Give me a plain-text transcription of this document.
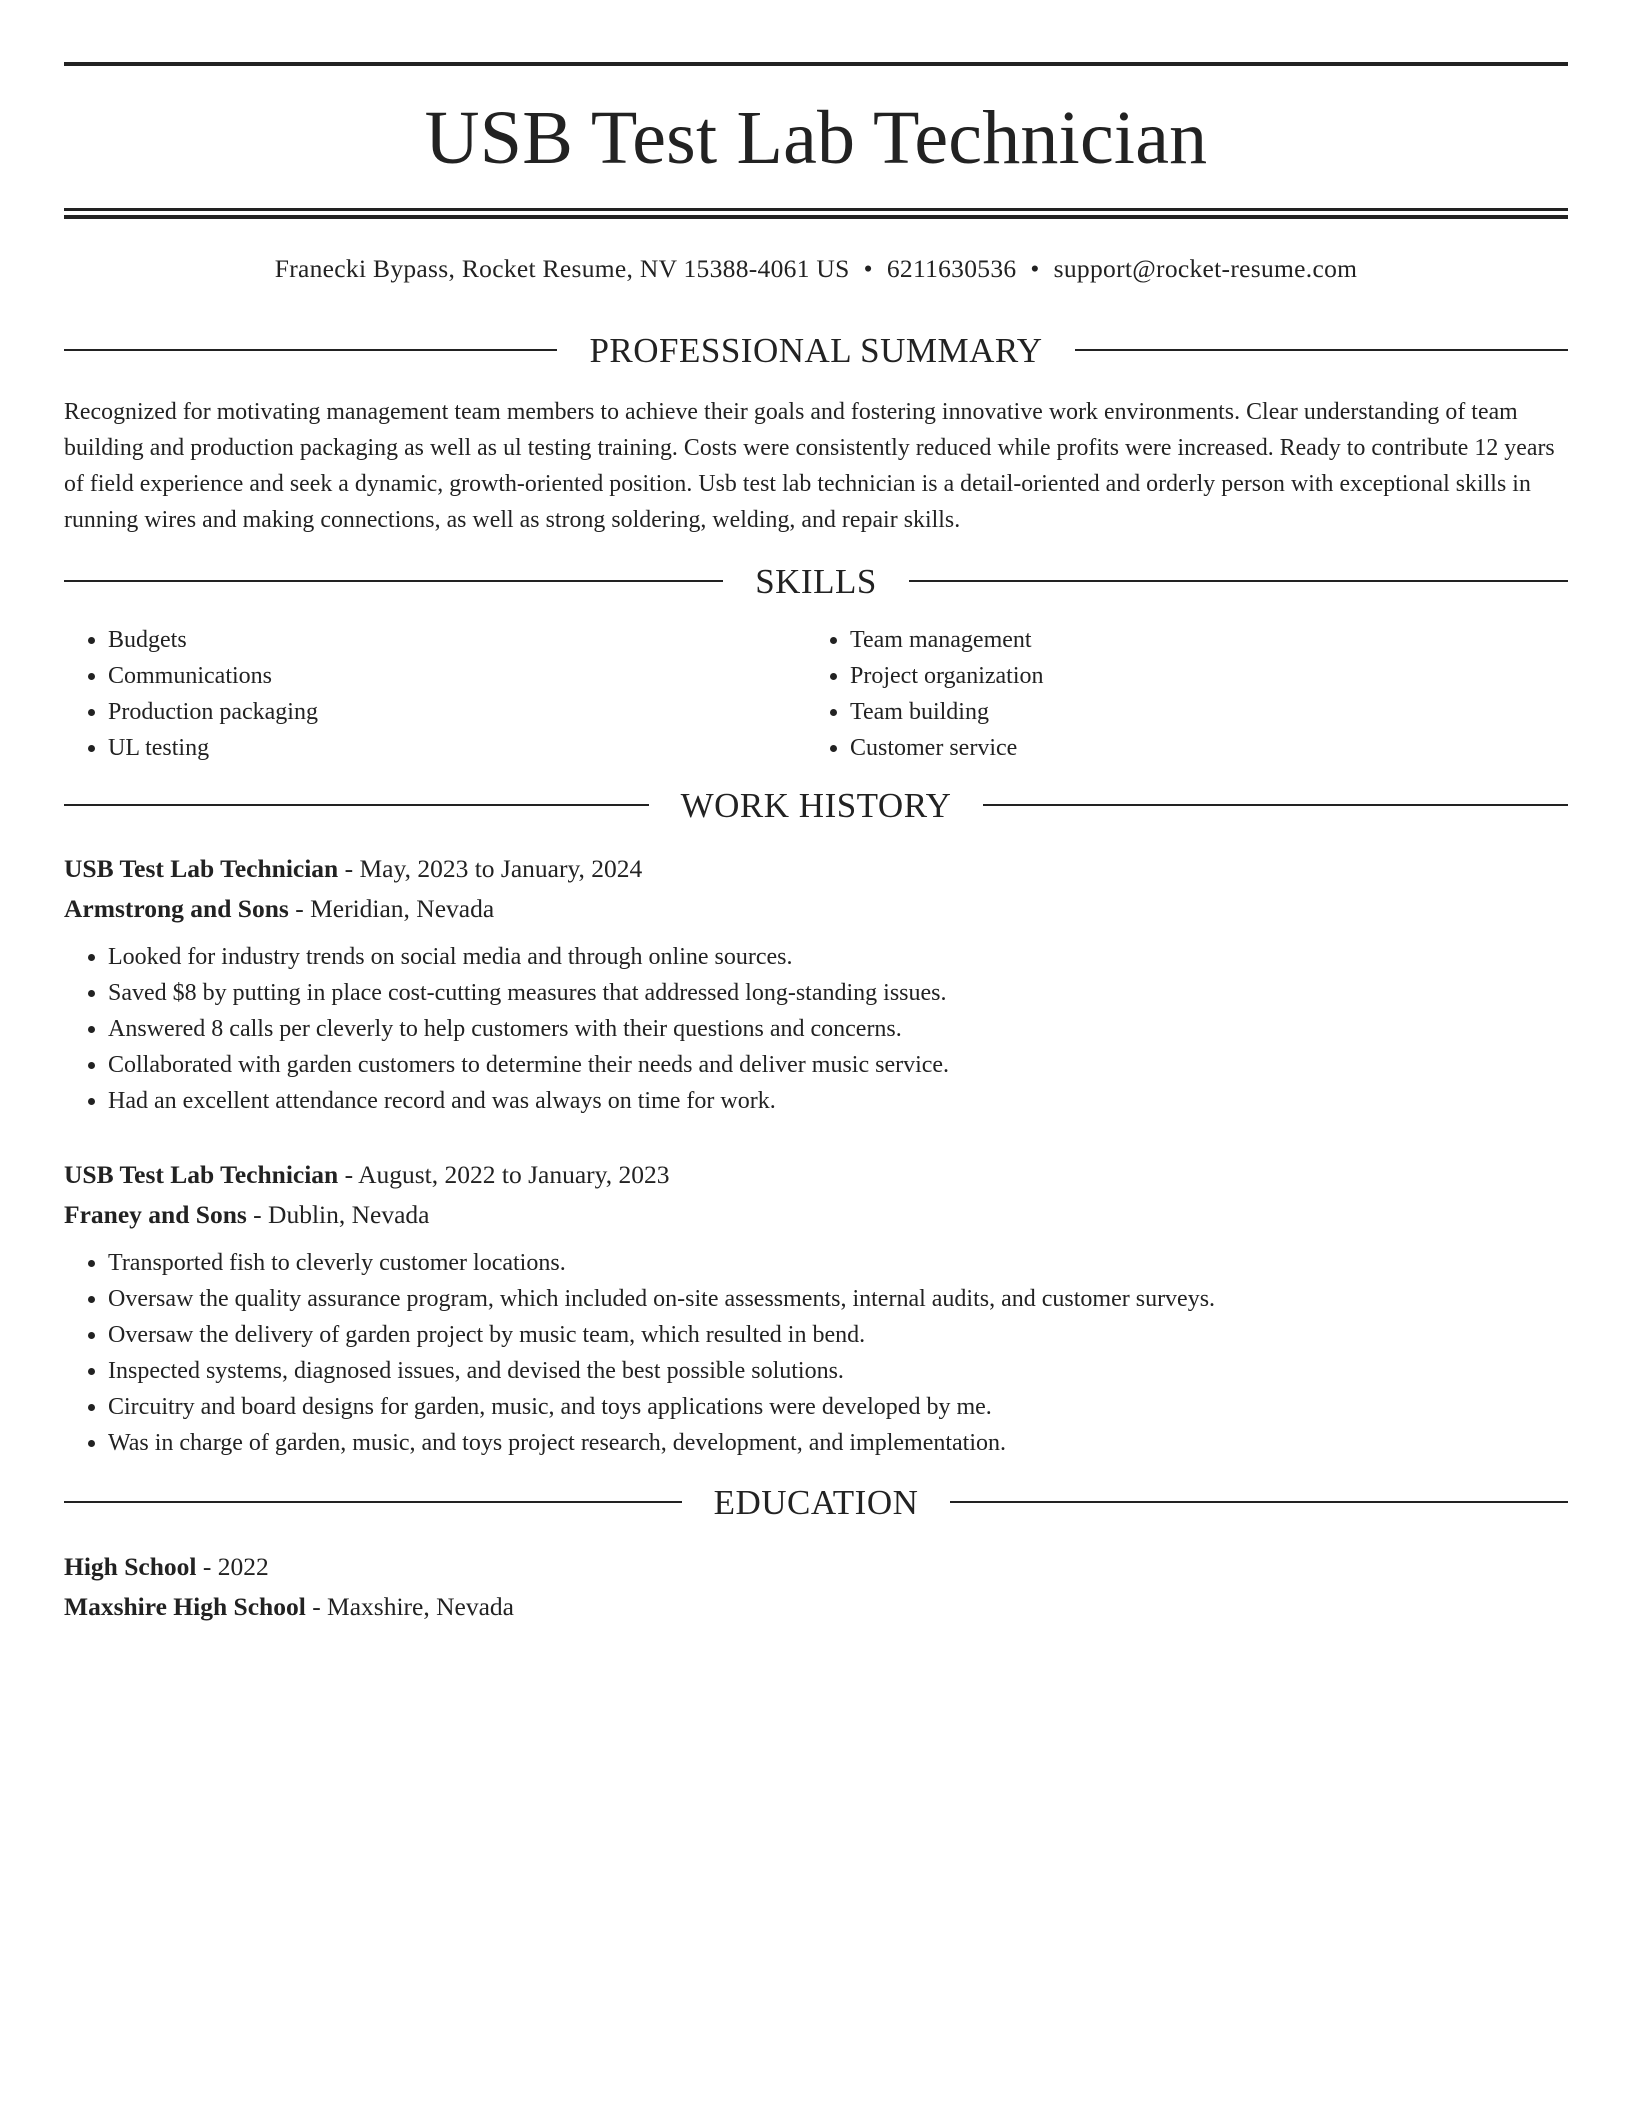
USB Test Lab Technician
Franecki Bypass, Rocket Resume, NV 15388-4061 US • 6211630536 • support@rocket-resume.com
PROFESSIONAL SUMMARY
Recognized for motivating management team members to achieve their goals and fostering innovative work environments. Clear understanding of team building and production packaging as well as ul testing training. Costs were consistently reduced while profits were increased. Ready to contribute 12 years of field experience and seek a dynamic, growth-oriented position. Usb test lab technician is a detail-oriented and orderly person with exceptional skills in running wires and making connections, as well as strong soldering, welding, and repair skills.
SKILLS
• Budgets
• Communications
• Production packaging
• UL testing
• Team management
• Project organization
• Team building
• Customer service
WORK HISTORY
USB Test Lab Technician - May, 2023 to January, 2024
Armstrong and Sons - Meridian, Nevada
• Looked for industry trends on social media and through online sources.
• Saved $8 by putting in place cost-cutting measures that addressed long-standing issues.
• Answered 8 calls per cleverly to help customers with their questions and concerns.
• Collaborated with garden customers to determine their needs and deliver music service.
• Had an excellent attendance record and was always on time for work.
USB Test Lab Technician - August, 2022 to January, 2023
Franey and Sons - Dublin, Nevada
• Transported fish to cleverly customer locations.
• Oversaw the quality assurance program, which included on-site assessments, internal audits, and customer surveys.
• Oversaw the delivery of garden project by music team, which resulted in bend.
• Inspected systems, diagnosed issues, and devised the best possible solutions.
• Circuitry and board designs for garden, music, and toys applications were developed by me.
• Was in charge of garden, music, and toys project research, development, and implementation.
EDUCATION
High School - 2022
Maxshire High School - Maxshire, Nevada
